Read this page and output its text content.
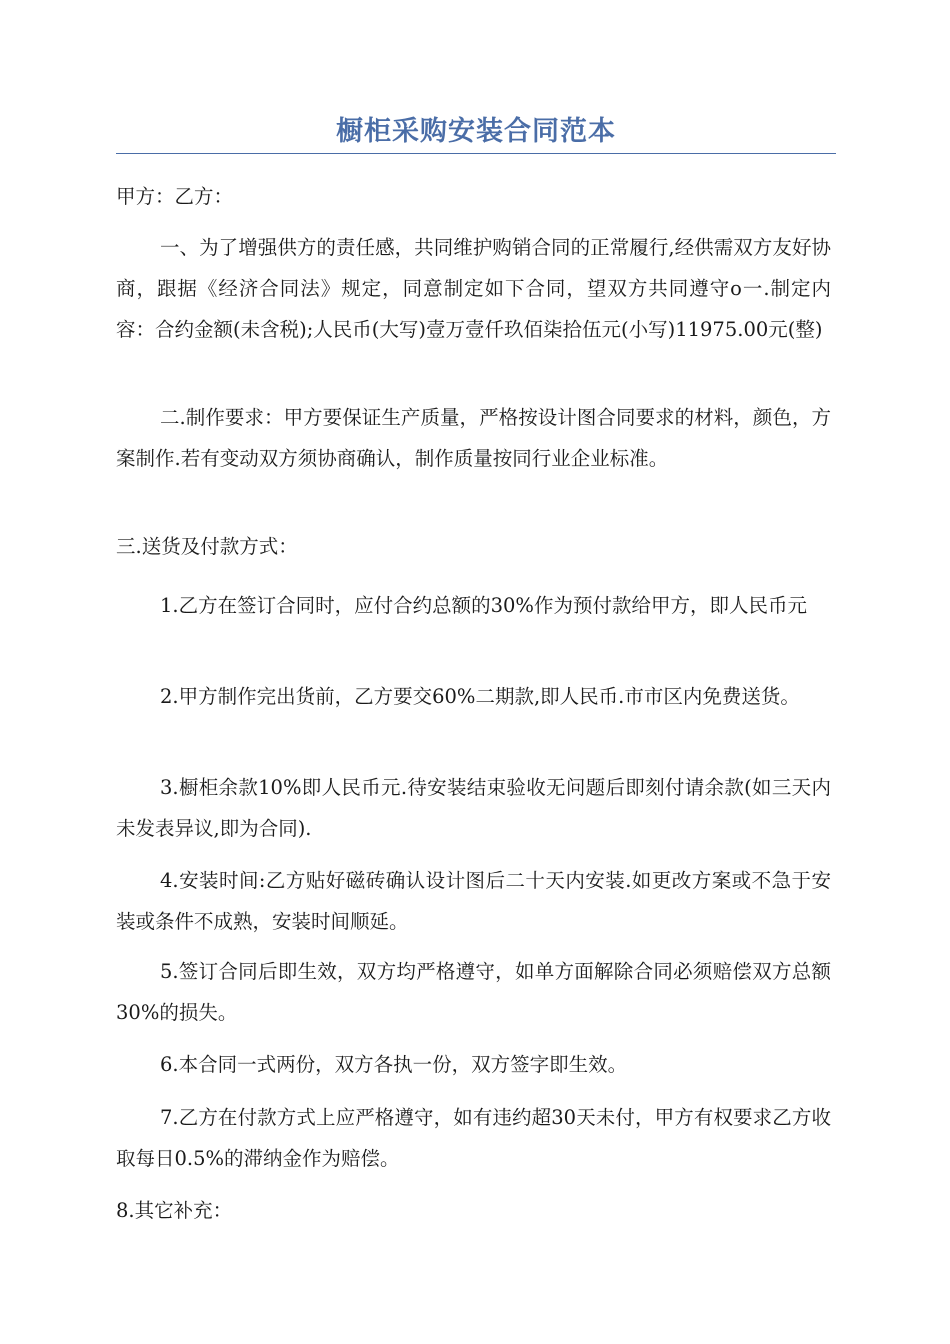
橱柜采购安装合同范本

甲方：乙方：

一、为了增强供方的责任感，共同维护购销合同的正常履行,经供需双方友好协商，跟据《经济合同法》规定，同意制定如下合同，望双方共同遵守ο一.制定内容：合约金额(未含税);人民币(大写)壹万壹仟玖佰柒拾伍元(小写)11975.00元(整)

二.制作要求：甲方要保证生产质量，严格按设计图合同要求的材料，颜色，方案制作.若有变动双方须协商确认，制作质量按同行业企业标准。

三.送货及付款方式：

1.乙方在签订合同时，应付合约总额的30%作为预付款给甲方，即人民币元

2.甲方制作完出货前，乙方要交60%二期款,即人民币.市市区内免费送货。

3.橱柜余款10%即人民币元.待安装结束验收无问题后即刻付请余款(如三天内未发表异议,即为合同).

4.安装时间:乙方贴好磁砖确认设计图后二十天内安装.如更改方案或不急于安装或条件不成熟，安装时间顺延。

5.签订合同后即生效，双方均严格遵守，如单方面解除合同必须赔偿双方总额30%的损失。

6.本合同一式两份，双方各执一份，双方签字即生效。

7.乙方在付款方式上应严格遵守，如有违约超30天未付，甲方有权要求乙方收取每日0.5%的滞纳金作为赔偿。

8.其它补充：
